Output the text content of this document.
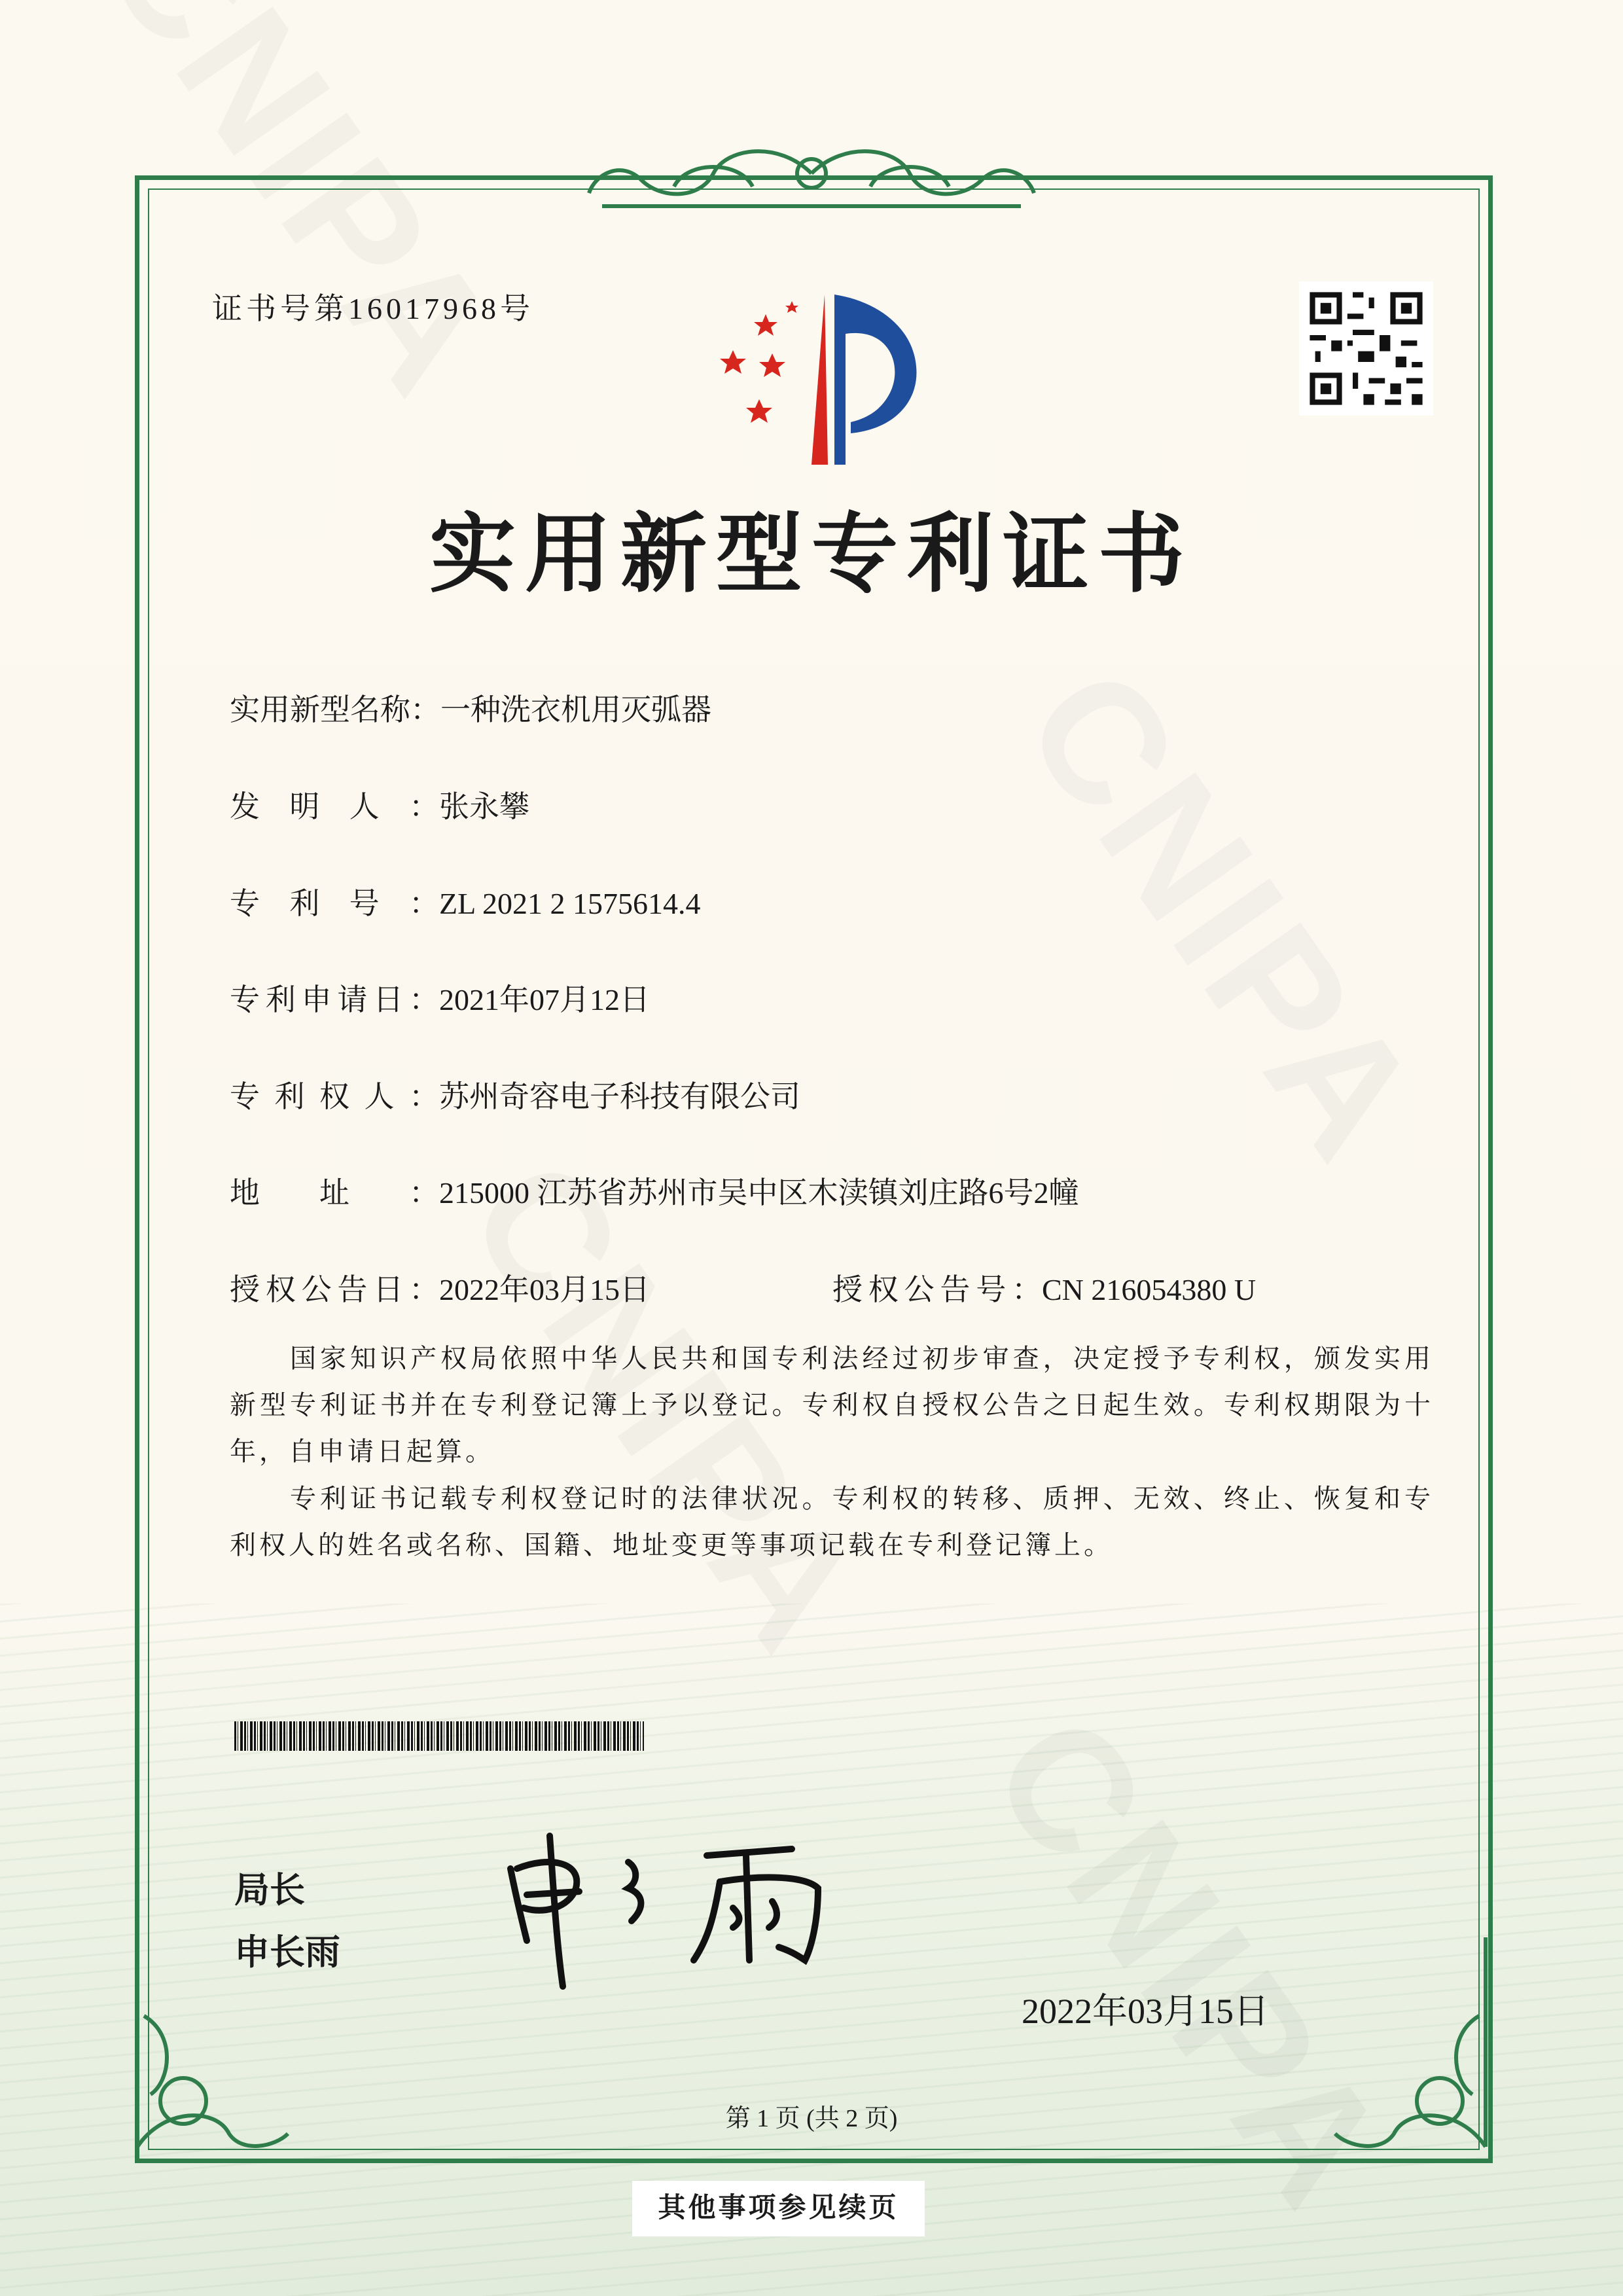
证书号第16017968号
实用新型专利证书
实用新型名称：一种洗衣机用灭弧器
发明人：张永攀
专利号：ZL 2021 2 1575614.4
专利申请日：2021年07月12日
专利权人：苏州奇容电子科技有限公司
地址：215000 江苏省苏州市吴中区木渎镇刘庄路6号2幢
授权公告日：2022年03月15日	授权公告号：CN 216054380 U
国家知识产权局依照中华人民共和国专利法经过初步审查，决定授予专利权，颁发实用新型专利证书并在专利登记簿上予以登记。专利权自授权公告之日起生效。专利权期限为十年，自申请日起算。
专利证书记载专利权登记时的法律状况。专利权的转移、质押、无效、终止、恢复和专利权人的姓名或名称、国籍、地址变更等事项记载在专利登记簿上。
局长
申长雨
2022年03月15日
第 1 页 (共 2 页)
其他事项参见续页
